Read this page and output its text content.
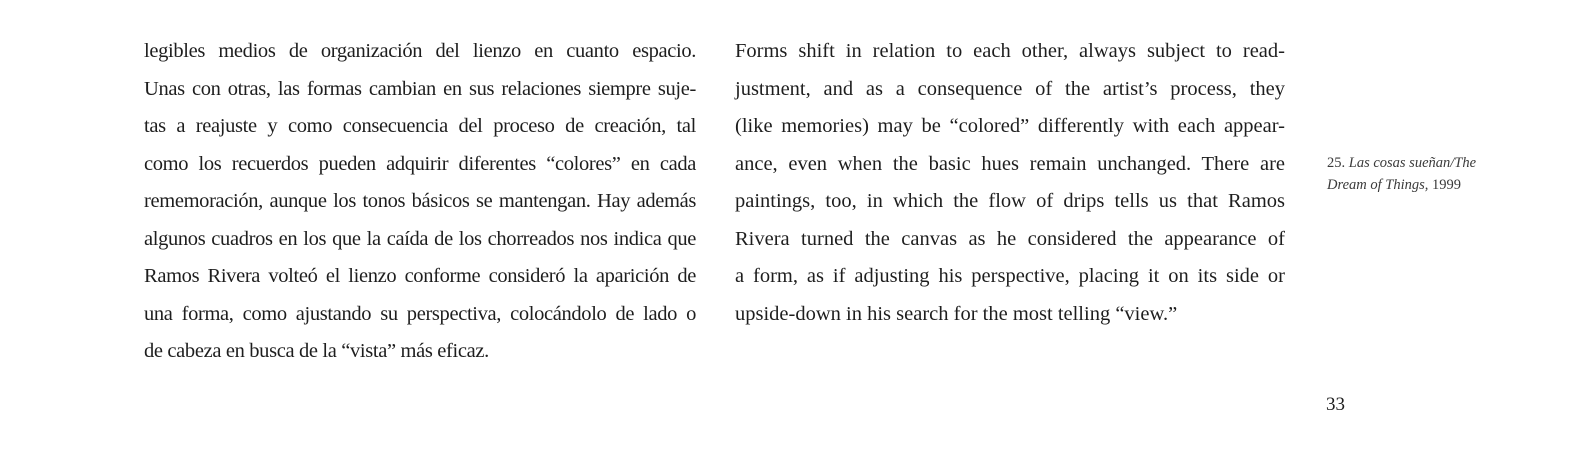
legibles medios de organización del lienzo en cuanto espacio.
Unas con otras, las formas cambian en sus relaciones siempre suje-
tas a reajuste y como consecuencia del proceso de creación, tal
como los recuerdos pueden adquirir diferentes “colores” en cada
rememoración, aunque los tonos básicos se mantengan. Hay además
algunos cuadros en los que la caída de los chorreados nos indica que
Ramos Rivera volteó el lienzo conforme consideró la aparición de
una forma, como ajustando su perspectiva, colocándolo de lado o
de cabeza en busca de la “vista” más eficaz.
Forms shift in relation to each other, always subject to read-
justment, and as a consequence of the artist’s process, they
(like memories) may be “colored” differently with each appear-
ance, even when the basic hues remain unchanged. There are
paintings, too, in which the flow of drips tells us that Ramos
Rivera turned the canvas as he considered the appearance of
a form, as if adjusting his perspective, placing it on its side or
upside-down in his search for the most telling “view.”
25. Las cosas sueñan/The
Dream of Things, 1999
33
